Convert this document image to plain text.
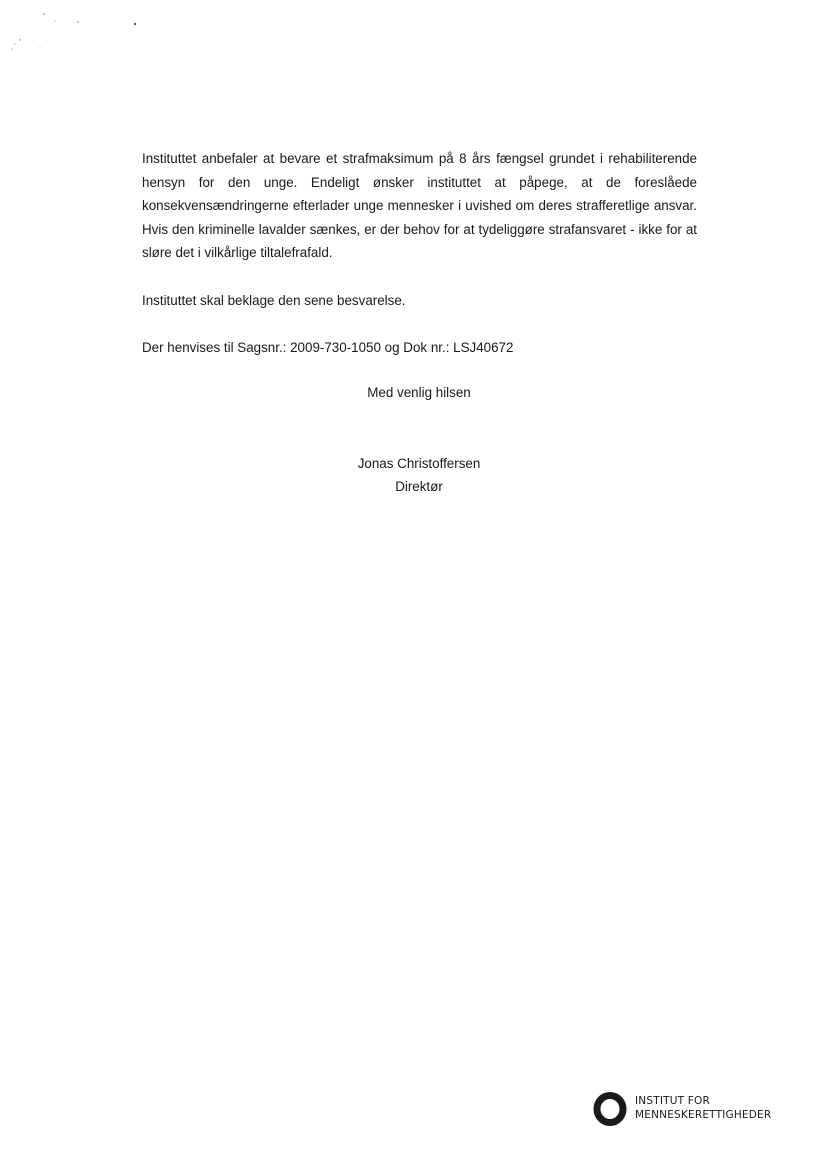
Instituttet anbefaler at bevare et strafmaksimum på 8 års fængsel grundet i rehabiliterende hensyn for den unge. Endeligt ønsker instituttet at påpege, at de foreslåede konsekvensændringerne efterlader unge mennesker i uvished om deres strafferetlige ansvar. Hvis den kriminelle lavalder sænkes, er der behov for at tydeliggøre strafansvaret - ikke for at sløre det i vilkårlige tiltalefrafald.

Instituttet skal beklage den sene besvarelse.

Der henvises til Sagsnr.: 2009-730-1050 og Dok nr.: LSJ40672

Med venlig hilsen

Jonas Christoffersen

Direktør

INSTITUT FOR
MENNESKERETTIGHEDER
